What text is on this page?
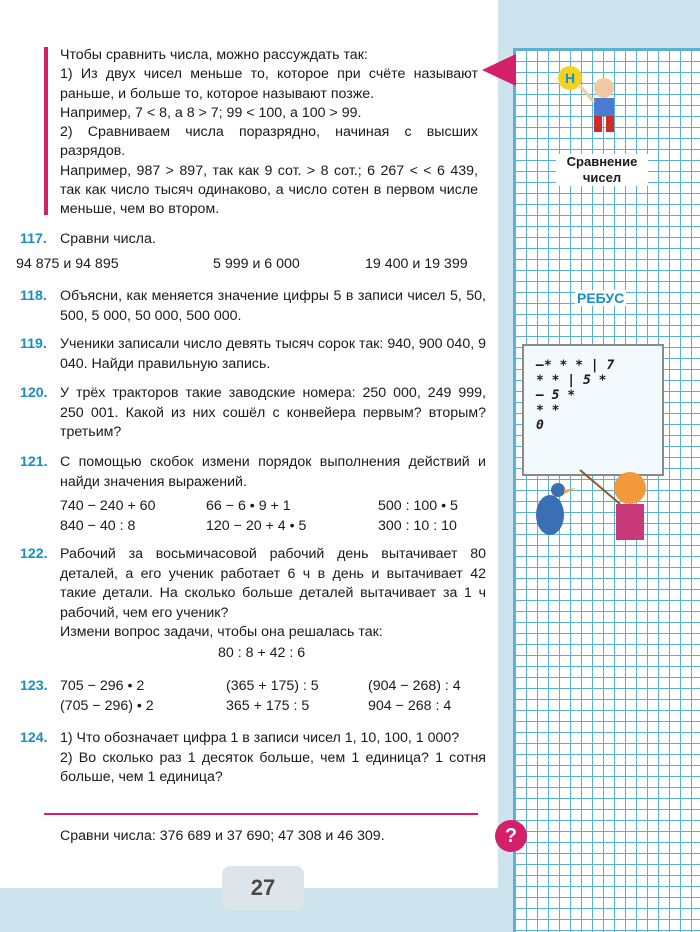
Чтобы сравнить числа, можно рассуждать так:

1) Из двух чисел меньше то, которое при счёте называют раньше, и больше то, которое называют позже.

Например, 7 < 8, а 8 > 7; 99 < 100, а 100 > 99.

2) Сравниваем числа поразрядно, начиная с высших разрядов.

Например, 987 > 897, так как 9 сот. > 8 сот.; 6 267 < < 6 439, так как число тысяч одинаково, а число сотен в первом числе меньше, чем во втором.

117. Сравни числа.
94 875 и 94 895	5 999 и 6 000	19 400 и 19 399
118. Объясни, как меняется значение цифры 5 в записи чисел 5, 50, 500, 5 000, 50 000, 500 000.
119. Ученики записали число девять тысяч сорок так: 940, 900 040, 9 040. Найди правильную запись.
120. У трёх тракторов такие заводские номера: 250 000, 249 999, 250 001. Какой из них сошёл с конвейера первым? вторым? третьим?
121. С помощью скобок измени порядок выполнения действий и найди значения выражений.
740 − 240 + 60	66 − 6 • 9 + 1	500 : 100 • 5
840 − 40 : 8	120 − 20 + 4 • 5	300 : 10 : 10
122. Рабочий за восьмичасовой рабочий день вытачивает 80 деталей, а его ученик работает 6 ч в день и вытачивает 42 такие детали. На сколько больше деталей вытачивает за 1 ч рабочий, чем его ученик?
Измени вопрос задачи, чтобы она решалась так:
80 : 8 + 42 : 6
123. 705 − 296 • 2	(365 + 175) : 5	(904 − 268) : 4
(705 − 296) • 2	365 + 175 : 5	904 − 268 : 4
124. 1) Что обозначает цифра 1 в записи чисел 1, 10, 100, 1 000?
2) Во сколько раз 1 десяток больше, чем 1 единица? 1 сотня больше, чем 1 единица?
Сравни числа: 376 689 и 37 690; 47 308 и 46 309.	?
27
Н
Сравнение чисел
РЕБУС
–* * * | 7
* * | 5 *
– 5 *
* *
0
